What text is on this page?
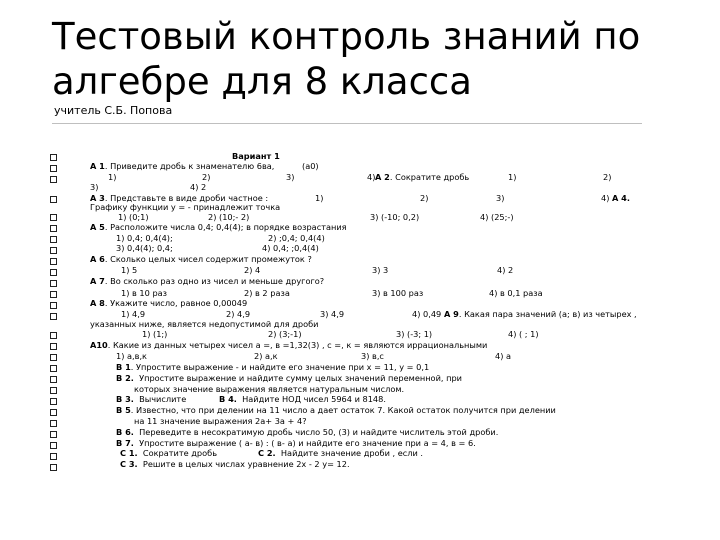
Тестовый контроль знаний по
алгебре для 8 класса
учитель С.Б. Попова
Вариант 1
А 1. Приведите дробь к знаменателю 6ва,	(а0)
1)	2)	3)	4) А 2. Сократите дробь	1)	2)
3)	4) 2
А 3. Представьте в виде дроби частное :	1)	2)	3)	4) А 4.
Графику функции у = - принадлежит точка
1) (0;1)	2) (10;- 2)	3) (-10; 0,2)	4) (25;-)
А 5. Расположите числа 0,4; 0,4(4); в порядке возрастания
1) 0,4; 0,4(4);	2) ;0,4; 0,4(4)
3) 0,4(4); 0,4;	4) 0,4; ;0,4(4)
А 6. Сколько целых чисел содержит промежуток ?
1) 5	2) 4	3) 3	4) 2
А 7. Во сколько раз одно из чисел и меньше другого?
1) в 10 раз	2) в 2 раза	3) в 100 раз	4) в 0,1 раза
А 8. Укажите число, равное 0,00049
1) 4,9	2) 4,9	3) 4,9	4) 0,49 А 9. Какая пара значений (а; в) из четырех ,
указанных ниже, является недопустимой для дроби
1) (1;)	2) (3;-1)	3) (-3; 1)	4) ( ; 1)
А10. Какие из данных четырех чисел а =, в =1,32(3) , с =, к = являются иррациональными
1) а,в,к	2) а,к	3) в,с	4) а
В 1. Упростите выражение - и найдите его значение при х = 11, у = 0,1
В 2. Упростите выражение и найдите сумму целых значений переменной, при
которых значение выражения является натуральным числом.
В 3. Вычислите	В 4. Найдите НОД чисел 5964 и 8148.
В 5. Известно, что при делении на 11 число а дает остаток 7. Какой остаток получится при делении
на 11 значение выражения 2а+ 3а + 4?
В 6. Переведите в несократимую дробь число 50, (3) и найдите числитель этой дроби.
В 7. Упростите выражение ( а- в) : ( в- а) и найдите его значение при а = 4, в = 6.
С 1. Сократите дробь	С 2. Найдите значение дроби , если .
С 3. Решите в целых числах уравнение 2х - 2 у= 12.
